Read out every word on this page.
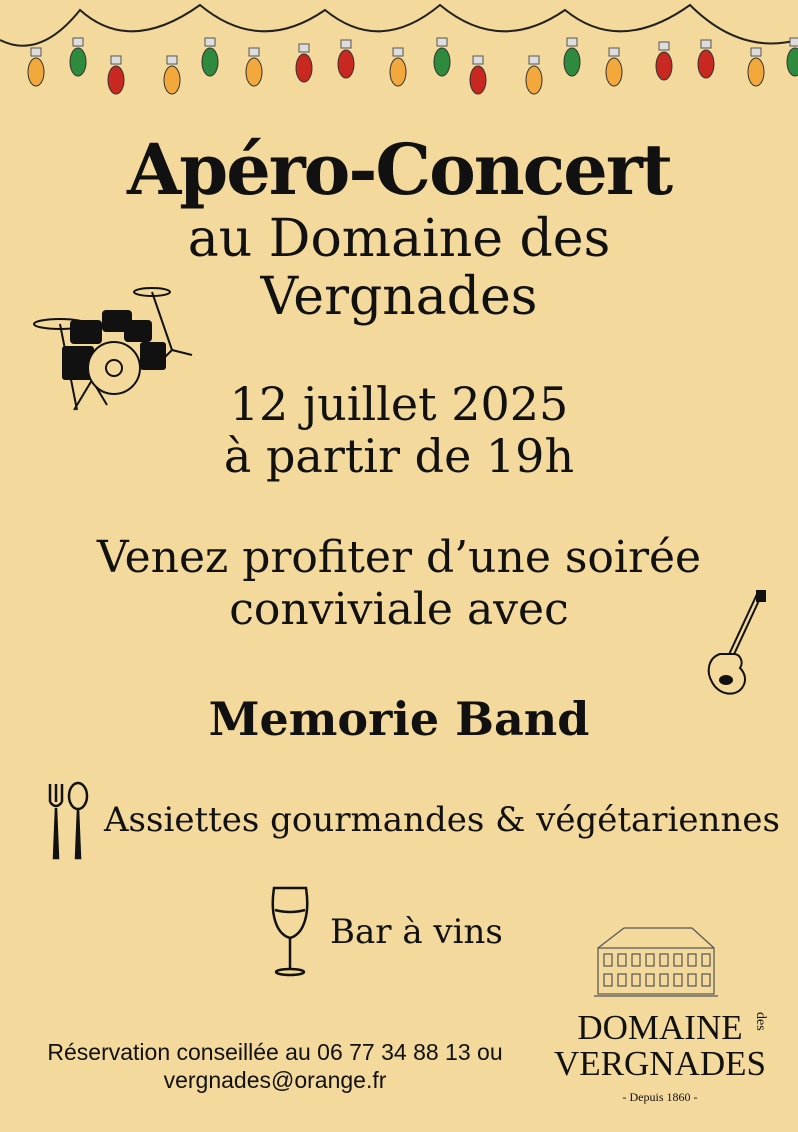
Apéro-Concert
au Domaine des
Vergnades
12 juillet 2025
à partir de 19h
Venez profiter d’une soirée
conviviale avec
Memorie Band
Assiettes gourmandes & végétariennes
Bar à vins
Réservation conseillée au 06 77 34 88 13 ou
vergnades@orange.fr
DOMAINE
VERGNADES
des
- Depuis 1860 -
